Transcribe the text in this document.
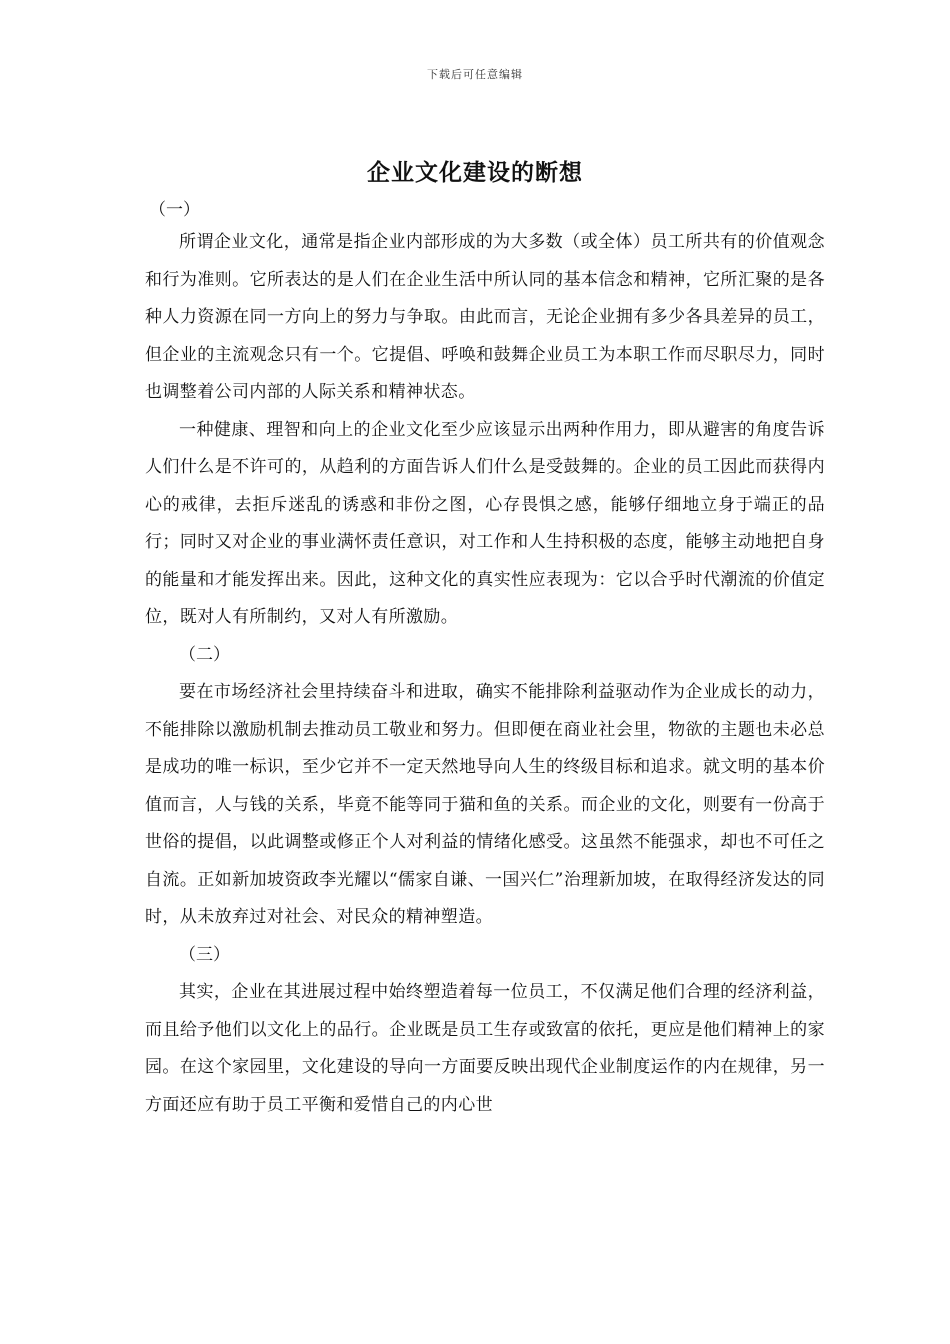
下载后可任意编辑
企业文化建设的断想

（一）

所谓企业文化，通常是指企业内部形成的为大多数（或全体）员工所共有的价值观念和行为准则。它所表达的是人们在企业生活中所认同的基本信念和精神，它所汇聚的是各种人力资源在同一方向上的努力与争取。由此而言，无论企业拥有多少各具差异的员工，但企业的主流观念只有一个。它提倡、呼唤和鼓舞企业员工为本职工作而尽职尽力，同时也调整着公司内部的人际关系和精神状态。

一种健康、理智和向上的企业文化至少应该显示出两种作用力，即从避害的角度告诉人们什么是不许可的，从趋利的方面告诉人们什么是受鼓舞的。企业的员工因此而获得内心的戒律，去拒斥迷乱的诱惑和非份之图，心存畏惧之感，能够仔细地立身于端正的品行；同时又对企业的事业满怀责任意识，对工作和人生持积极的态度，能够主动地把自身的能量和才能发挥出来。因此，这种文化的真实性应表现为：它以合乎时代潮流的价值定位，既对人有所制约，又对人有所激励。

（二）

要在市场经济社会里持续奋斗和进取，确实不能排除利益驱动作为企业成长的动力，不能排除以激励机制去推动员工敬业和努力。但即便在商业社会里，物欲的主题也未必总是成功的唯一标识，至少它并不一定天然地导向人生的终级目标和追求。就文明的基本价值而言，人与钱的关系，毕竟不能等同于猫和鱼的关系。而企业的文化，则要有一份高于世俗的提倡，以此调整或修正个人对利益的情绪化感受。这虽然不能强求，却也不可任之自流。正如新加坡资政李光耀以“儒家自谦、一国兴仁”治理新加坡，在取得经济发达的同时，从未放弃过对社会、对民众的精神塑造。

（三）

其实，企业在其进展过程中始终塑造着每一位员工，不仅满足他们合理的经济利益，而且给予他们以文化上的品行。企业既是员工生存或致富的依托，更应是他们精神上的家园。在这个家园里，文化建设的导向一方面要反映出现代企业制度运作的内在规律，另一方面还应有助于员工平衡和爱惜自己的内心世
